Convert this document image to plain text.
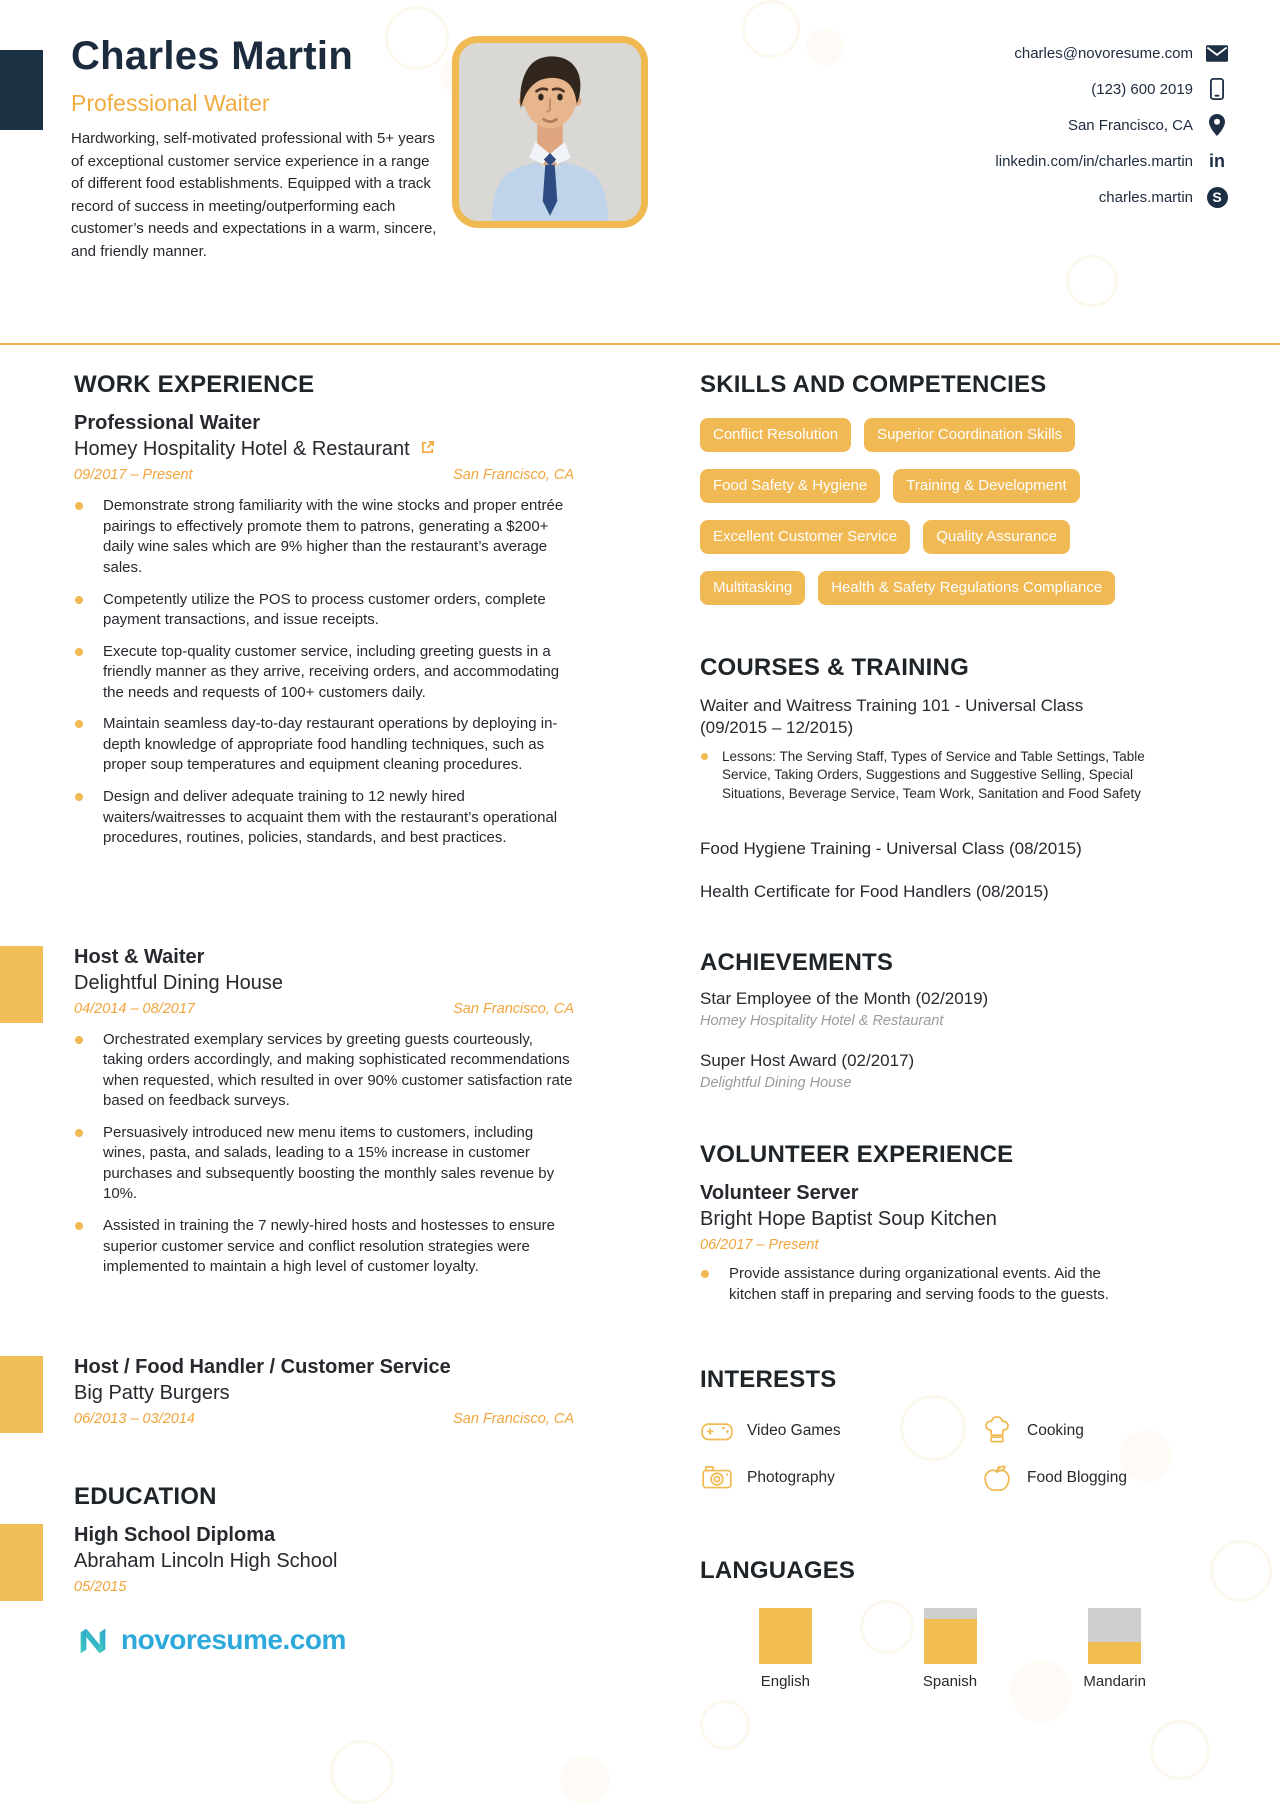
Charles Martin
Professional Waiter
Hardworking, self-motivated professional with 5+ years of exceptional customer service experience in a range of different food establishments. Equipped with a track record of success in meeting/outperforming each customer’s needs and expectations in a warm, sincere, and friendly manner.
charles@novoresume.com
(123) 600 2019
San Francisco, CA
linkedin.com/in/charles.martin in
charles.martin	S
WORK EXPERIENCE
Professional Waiter
Homey Hospitality Hotel & Restaurant
09/2017 – Present	San Francisco, CA
Demonstrate strong familiarity with the wine stocks and proper entrée pairings to effectively promote them to patrons, generating a $200+ daily wine sales which are 9% higher than the restaurant’s average sales.
Competently utilize the POS to process customer orders, complete payment transactions, and issue receipts.
Execute top-quality customer service, including greeting guests in a friendly manner as they arrive, receiving orders, and accommodating the needs and requests of 100+ customers daily.
Maintain seamless day-to-day restaurant operations by deploying in-depth knowledge of appropriate food handling techniques, such as proper soup temperatures and equipment cleaning procedures.
Design and deliver adequate training to 12 newly hired waiters/waitresses to acquaint them with the restaurant’s operational procedures, routines, policies, standards, and best practices.
Host & Waiter
Delightful Dining House
04/2014 – 08/2017	San Francisco, CA
Orchestrated exemplary services by greeting guests courteously, taking orders accordingly, and making sophisticated recommendations when requested, which resulted in over 90% customer satisfaction rate based on feedback surveys.
Persuasively introduced new menu items to customers, including wines, pasta, and salads, leading to a 15% increase in customer purchases and subsequently boosting the monthly sales revenue by 10%.
Assisted in training the 7 newly-hired hosts and hostesses to ensure superior customer service and conflict resolution strategies were implemented to maintain a high level of customer loyalty.
Host / Food Handler / Customer Service
Big Patty Burgers
06/2013 – 03/2014	San Francisco, CA
EDUCATION
High School Diploma
Abraham Lincoln High School
05/2015
novoresume.com
SKILLS AND COMPETENCIES
Conflict Resolution	Superior Coordination Skills
Food Safety & Hygiene	Training & Development
Excellent Customer Service	Quality Assurance
Multitasking	Health & Safety Regulations Compliance
COURSES & TRAINING
Waiter and Waitress Training 101 - Universal Class (09/2015 – 12/2015)
Lessons: The Serving Staff, Types of Service and Table Settings, Table Service, Taking Orders, Suggestions and Suggestive Selling, Special Situations, Beverage Service, Team Work, Sanitation and Food Safety
Food Hygiene Training - Universal Class (08/2015)
Health Certificate for Food Handlers (08/2015)
ACHIEVEMENTS
Star Employee of the Month (02/2019)
Homey Hospitality Hotel & Restaurant
Super Host Award (02/2017)
Delightful Dining House
VOLUNTEER EXPERIENCE
Volunteer Server
Bright Hope Baptist Soup Kitchen
06/2017 – Present
Provide assistance during organizational events. Aid the kitchen staff in preparing and serving foods to the guests.
INTERESTS
Video Games	Cooking
Photography	Food Blogging
LANGUAGES
English	Spanish	Mandarin
